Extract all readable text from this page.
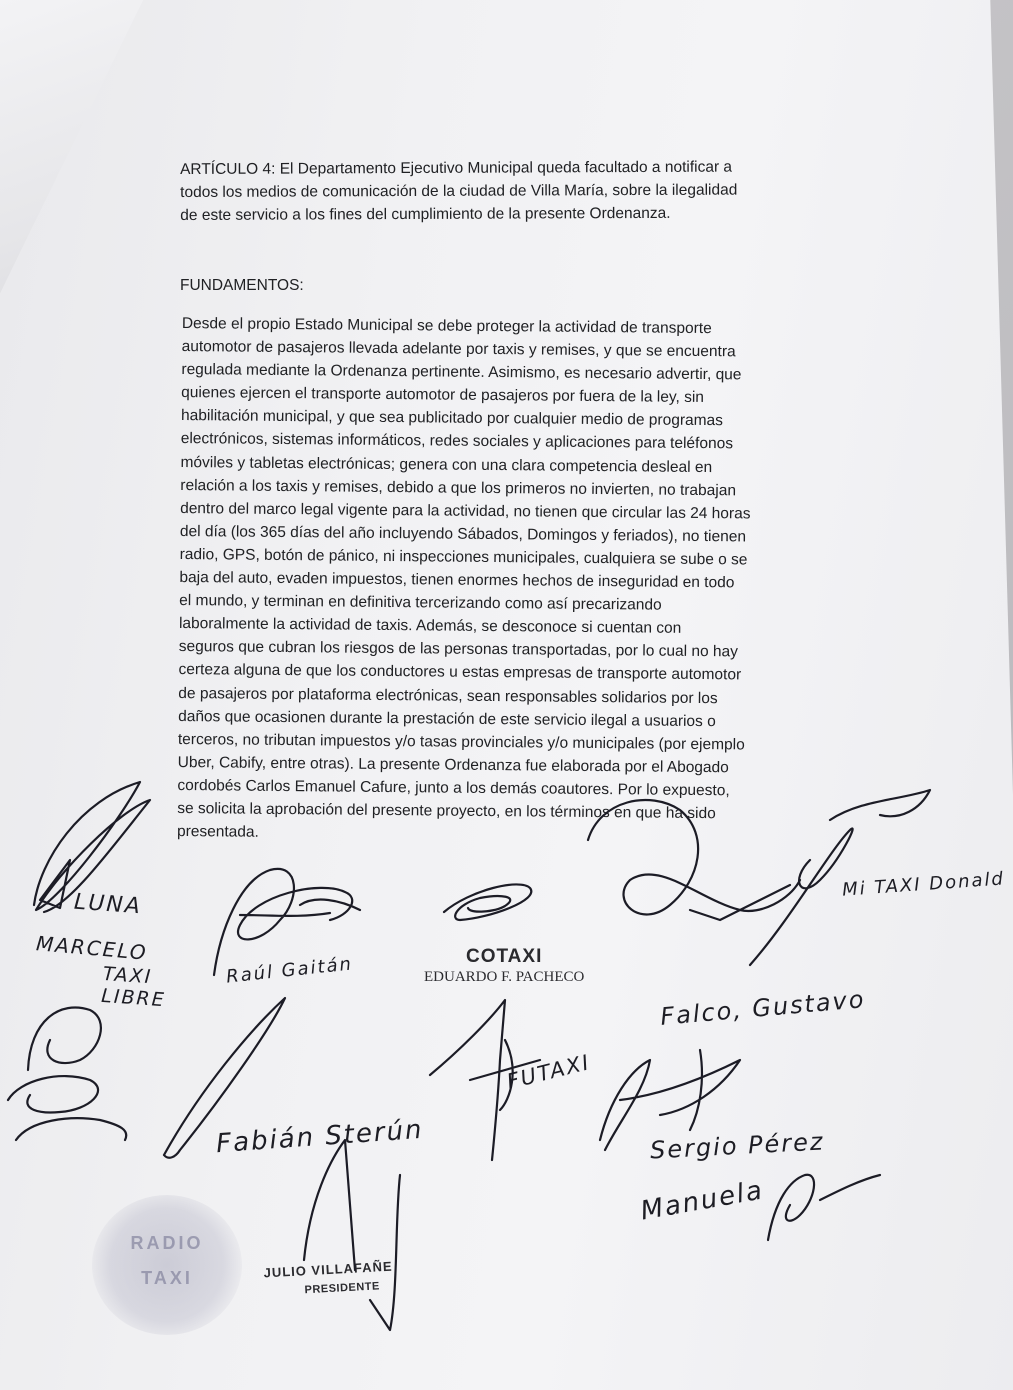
ARTÍCULO 4: El Departamento Ejecutivo Municipal queda facultado a notificar a
todos los medios de comunicación de la ciudad de Villa María, sobre la ilegalidad
de este servicio a los fines del cumplimiento de la presente Ordenanza.
FUNDAMENTOS:
Desde el propio Estado Municipal se debe proteger la actividad de transporte
automotor de pasajeros llevada adelante por taxis y remises, y que se encuentra
regulada mediante la Ordenanza pertinente. Asimismo, es necesario advertir, que
quienes ejercen el transporte automotor de pasajeros por fuera de la ley, sin
habilitación municipal, y que sea publicitado por cualquier medio de programas
electrónicos, sistemas informáticos, redes sociales y aplicaciones para teléfonos
móviles y tabletas electrónicas; genera con una clara competencia desleal en
relación a los taxis y remises, debido a que los primeros no invierten, no trabajan
dentro del marco legal vigente para la actividad, no tienen que circular las 24 horas
del día (los 365 días del año incluyendo Sábados, Domingos y feriados), no tienen
radio, GPS, botón de pánico, ni inspecciones municipales, cualquiera se sube o se
baja del auto, evaden impuestos, tienen enormes hechos de inseguridad en todo
el mundo, y terminan en definitiva tercerizando como así precarizando
laboralmente la actividad de taxis. Además, se desconoce si cuentan con
seguros que cubran los riesgos de las personas transportadas, por lo cual no hay
certeza alguna de que los conductores u estas empresas de transporte automotor
de pasajeros por plataforma electrónicas, sean responsables solidarios por los
daños que ocasionen durante la prestación de este servicio ilegal a usuarios o
terceros, no tributan impuestos y/o tasas provinciales y/o municipales (por ejemplo
Uber, Cabify, entre otras). La presente Ordenanza fue elaborada por el Abogado
cordobés Carlos Emanuel Cafure, junto a los demás coautores. Por lo expuesto,
se solicita la aprobación del presente proyecto, en los términos en que ha sido
presentada.
RADIO
TAXI
COTAXI
EDUARDO F. PACHECO
JULIO VILLAFAÑE
PRESIDENTE
LUNA
MARCELO
TAXI LIBRE
Raúl Gaitán
Mi TAXI Donald
Falco, Gustavo
FUTAXI
Fabián Sterún	Sergio Pérez
Manuela
